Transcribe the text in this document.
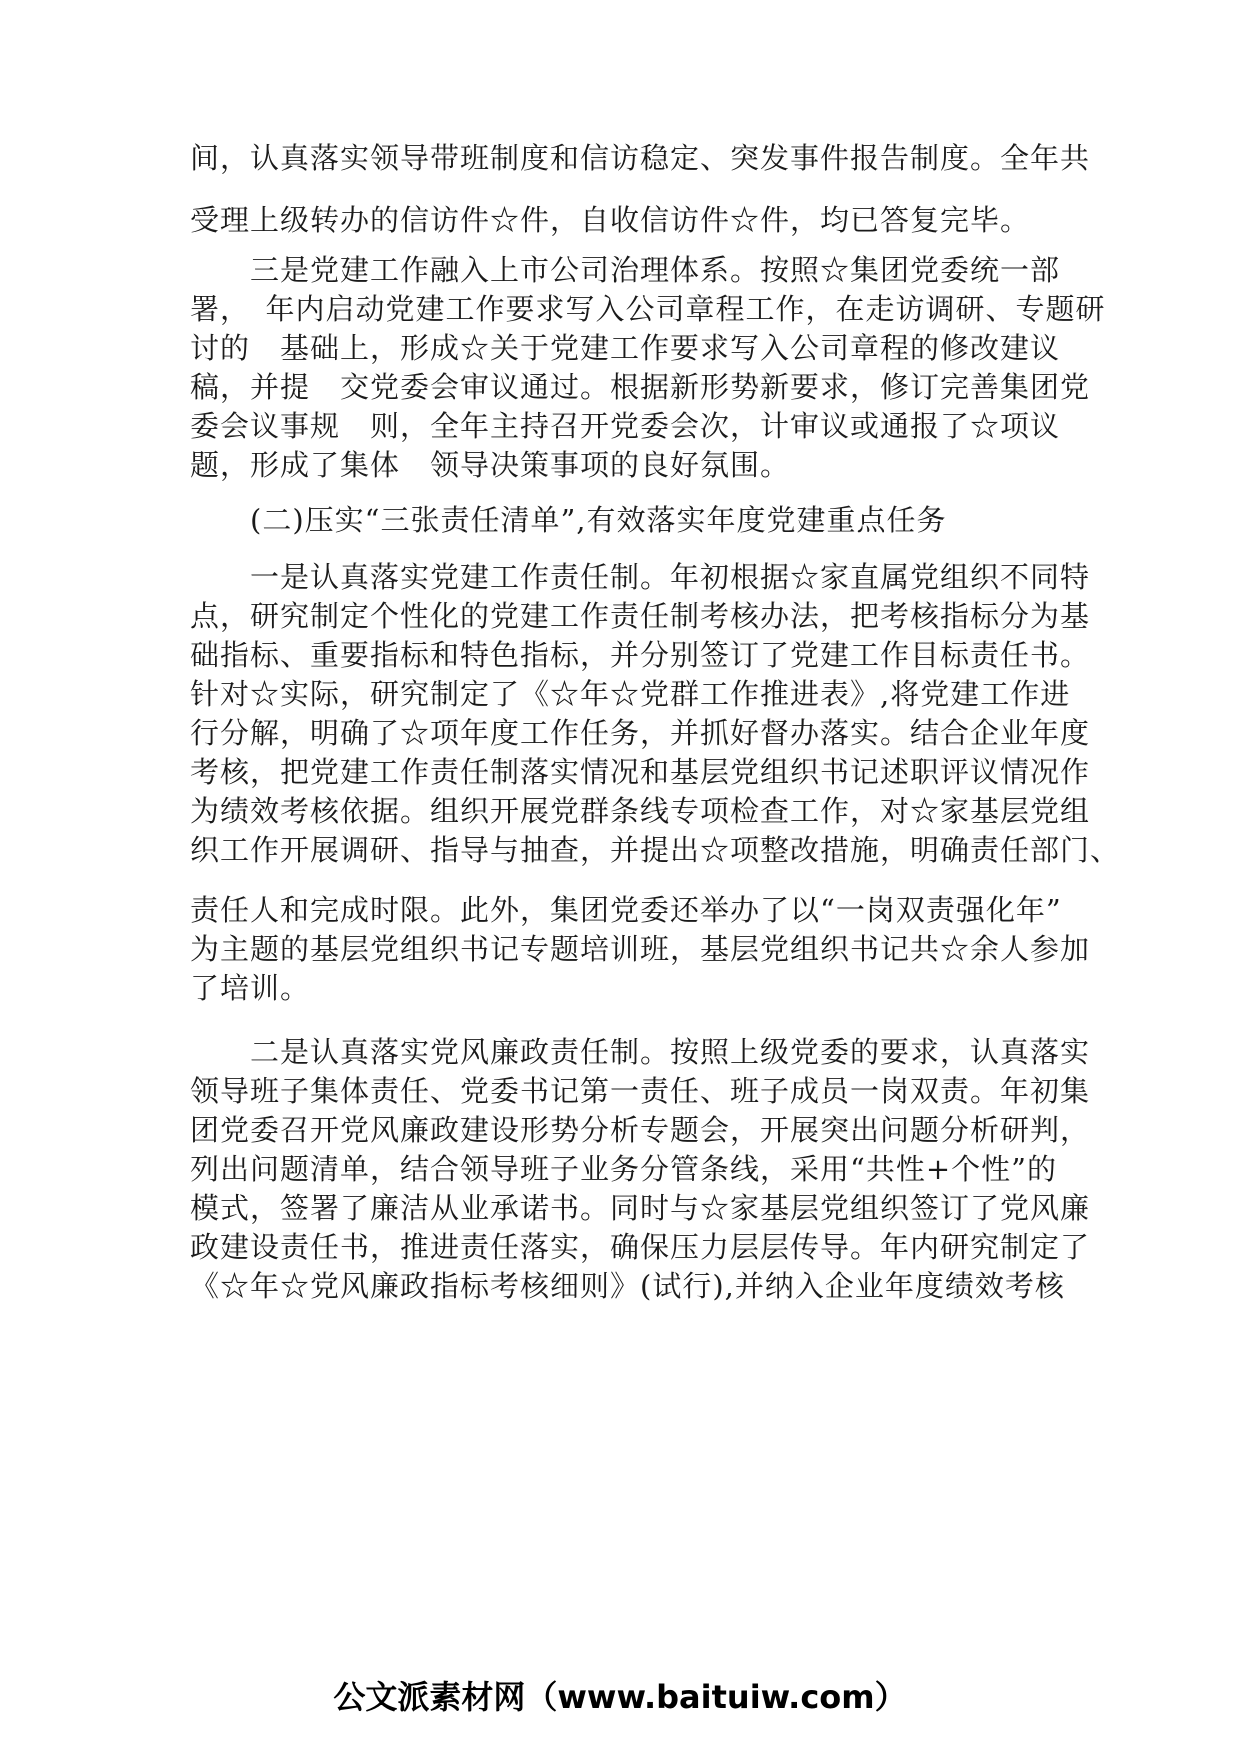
间，认真落实领导带班制度和信访稳定、突发事件报告制度。全年共
受理上级转办的信访件☆件，自收信访件☆件，均已答复完毕。
　　三是党建工作融入上市公司治理体系。按照☆集团党委统一部
署，　年内启动党建工作要求写入公司章程工作，在走访调研、专题研
讨的　基础上，形成☆关于党建工作要求写入公司章程的修改建议
稿，并提　交党委会审议通过。根据新形势新要求，修订完善集团党
委会议事规　则，全年主持召开党委会次，计审议或通报了☆项议
题，形成了集体　领导决策事项的良好氛围。
　　(二)压实“三张责任清单”,有效落实年度党建重点任务
　　一是认真落实党建工作责任制。年初根据☆家直属党组织不同特
点，研究制定个性化的党建工作责任制考核办法，把考核指标分为基
础指标、重要指标和特色指标，并分别签订了党建工作目标责任书。
针对☆实际，研究制定了《☆年☆党群工作推进表》,将党建工作进
行分解，明确了☆项年度工作任务，并抓好督办落实。结合企业年度
考核，把党建工作责任制落实情况和基层党组织书记述职评议情况作
为绩效考核依据。组织开展党群条线专项检查工作，对☆家基层党组
织工作开展调研、指导与抽查，并提出☆项整改措施，明确责任部门、
责任人和完成时限。此外，集团党委还举办了以“一岗双责强化年”
为主题的基层党组织书记专题培训班，基层党组织书记共☆余人参加
了培训。
　　二是认真落实党风廉政责任制。按照上级党委的要求，认真落实
领导班子集体责任、党委书记第一责任、班子成员一岗双责。年初集
团党委召开党风廉政建设形势分析专题会，开展突出问题分析研判，
列出问题清单，结合领导班子业务分管条线，采用“共性+个性”的
模式，签署了廉洁从业承诺书。同时与☆家基层党组织签订了党风廉
政建设责任书，推进责任落实，确保压力层层传导。年内研究制定了
《☆年☆党风廉政指标考核细则》(试行),并纳入企业年度绩效考核
公文派素材网（www.baituiw.com）
